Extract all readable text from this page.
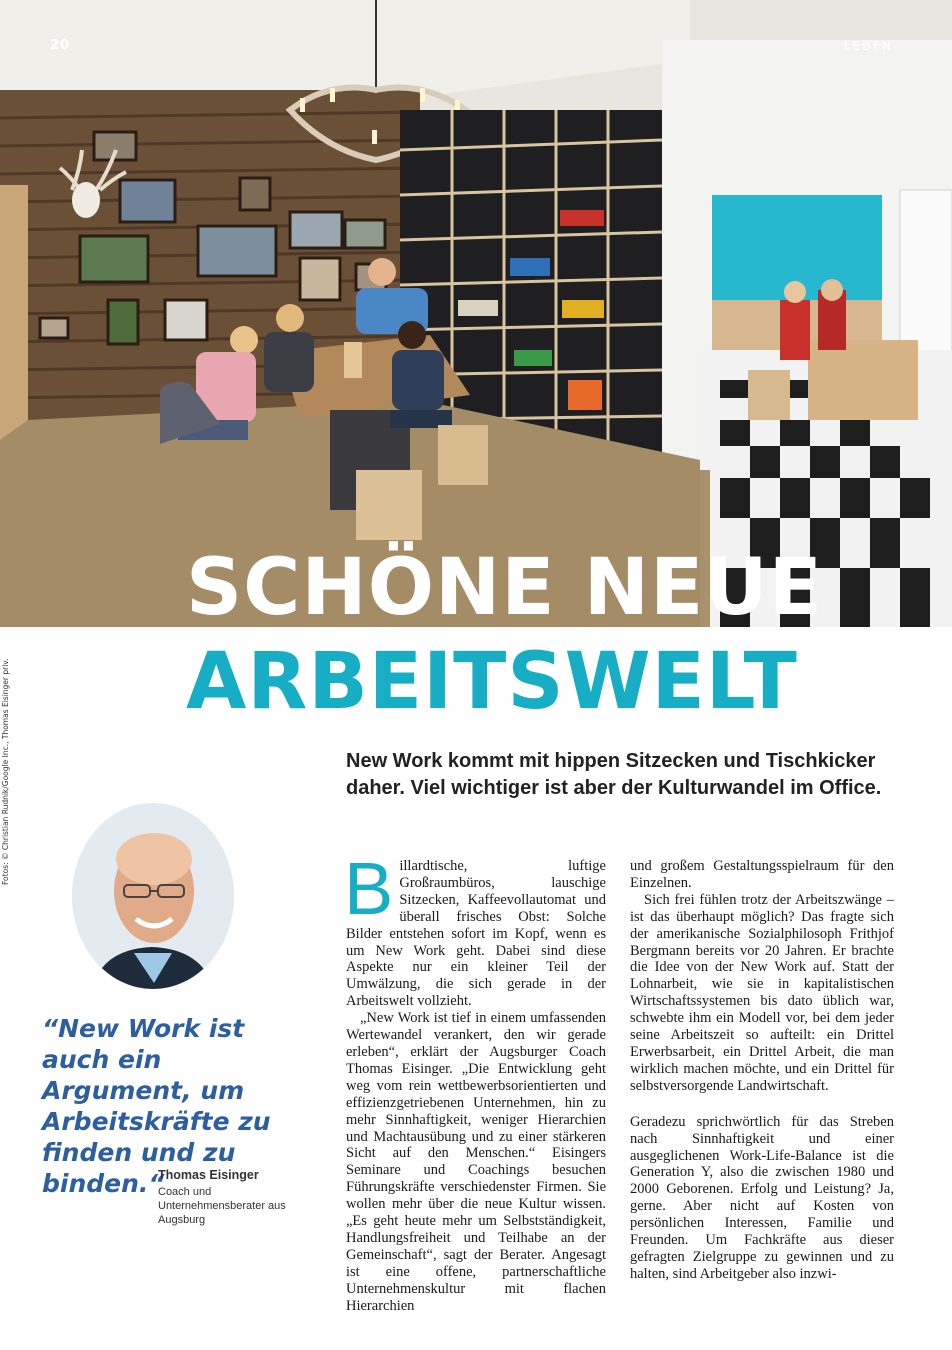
20	LEBEN
SCHÖNE NEUE
ARBEITSWELT
Fotos: © Christian Rudnik/Google Inc., Thomas Eisinger priv.	New Work kommt mit hippen Sitzecken und Tischkicker daher. Viel wichtiger ist aber der Kulturwandel im Office.
“New Work ist auch ein Argument, um Arbeitskräfte zu finden und zu binden.“
Thomas Eisinger
Coach und Unternehmensberater aus Augsburg

Billardtische, luftige Großraumbüros, lauschige Sitzecken, Kaffeevollautomat und überall frisches Obst: Solche Bilder entstehen sofort im Kopf, wenn es um New Work geht. Dabei sind diese Aspekte nur ein kleiner Teil der Umwälzung, die sich gerade in der Arbeitswelt vollzieht.

„New Work ist tief in einem umfassenden Wertewandel verankert, den wir gerade erleben“, erklärt der Augsburger Coach Thomas Eisinger. „Die Entwicklung geht weg vom rein wettbewerbsorientierten und effizienzgetriebenen Unternehmen, hin zu mehr Sinnhaftigkeit, weniger Hierarchien und Machtausübung und zu einer stärkeren Sicht auf den Menschen.“ Eisingers Seminare und Coachings besuchen Führungskräfte verschiedenster Firmen. Sie wollen mehr über die neue Kultur wissen. „Es geht heute mehr um Selbstständigkeit, Handlungsfreiheit und Teilhabe an der Gemeinschaft“, sagt der Berater. Angesagt ist eine offene, partnerschaftliche Unternehmenskultur mit flachen Hierarchien

und großem Gestaltungsspielraum für den Einzelnen.

Sich frei fühlen trotz der Arbeitszwänge – ist das überhaupt möglich? Das fragte sich der amerikanische Sozialphilosoph Frithjof Bergmann bereits vor 20 Jahren. Er brachte die Idee von der New Work auf. Statt der Lohnarbeit, wie sie in kapitalistischen Wirtschaftssystemen bis dato üblich war, schwebte ihm ein Modell vor, bei dem jeder seine Arbeitszeit so aufteilt: ein Drittel Erwerbsarbeit, ein Drittel Arbeit, die man wirklich machen möchte, und ein Drittel für selbstversorgende Landwirtschaft.

Geradezu sprichwörtlich für das Streben nach Sinnhaftigkeit und einer ausgeglichenen Work-Life-Balance ist die Generation Y, also die zwischen 1980 und 2000 Geborenen. Erfolg und Leistung? Ja, gerne. Aber nicht auf Kosten von persönlichen Interessen, Familie und Freunden. Um Fachkräfte aus dieser gefragten Zielgruppe zu gewinnen und zu halten, sind Arbeitgeber also inzwi-
